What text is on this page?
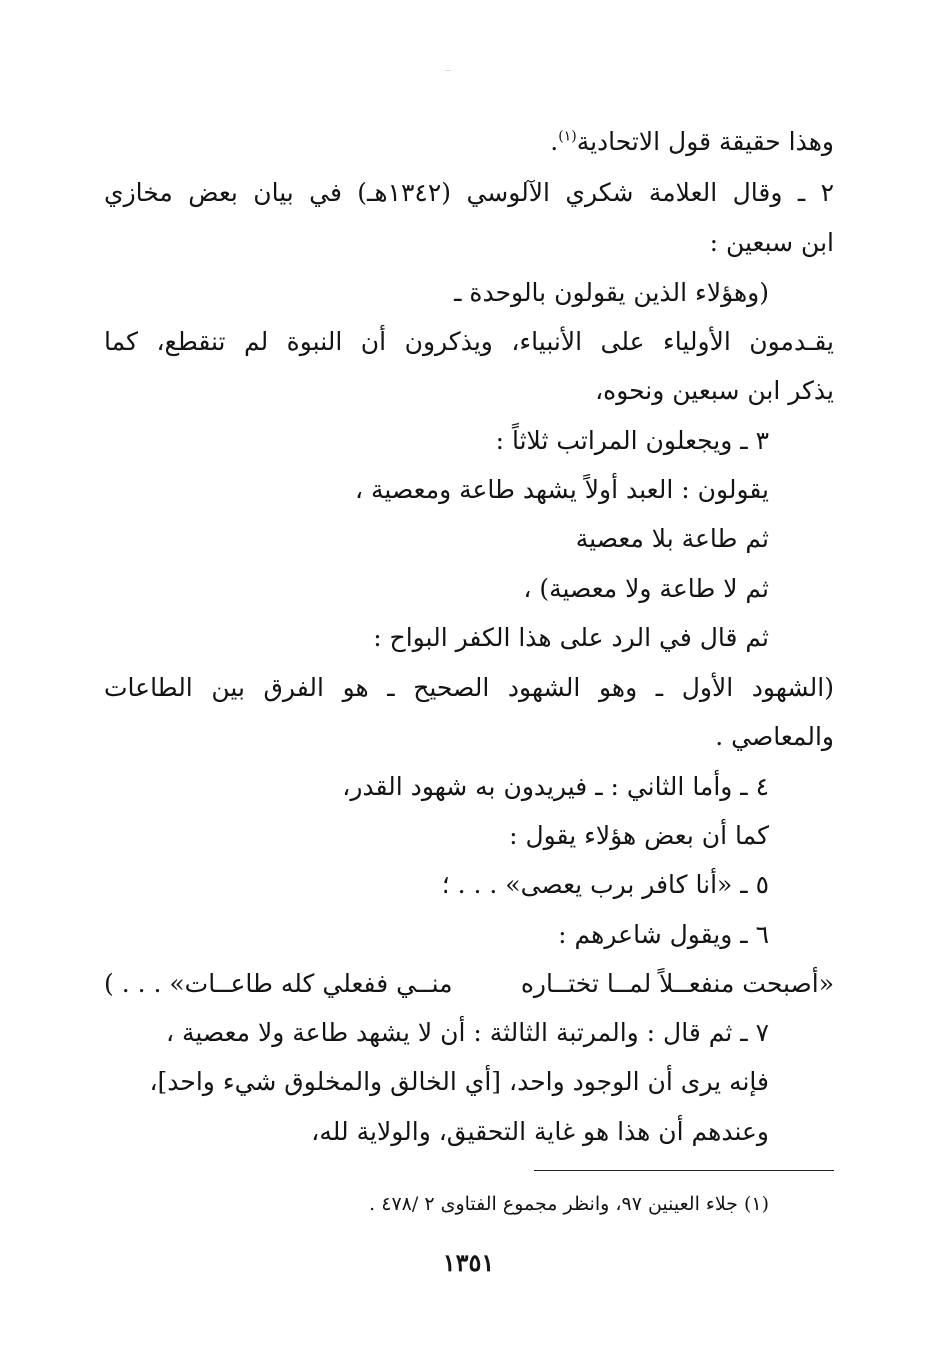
وهذا حقيقة قول الاتحادية$^{(١)}$.
٢ ـ وقال العلامة شكري الآلوسي (١٣٤٢هـ) في بيان بعض مخازي
ابن سبعين :
(وهؤلاء الذين يقولون بالوحدة ـ
يقـدمون الأولياء على الأنبياء، ويذكرون أن النبوة لم تنقطع، كما
يذكر ابن سبعين ونحوه،
٣ ـ ويجعلون المراتب ثلاثاً :
يقولون : العبد أولاً يشهد طاعة ومعصية ،
ثم طاعة بلا معصية
ثم لا طاعة ولا معصية) ،
ثم قال في الرد على هذا الكفر البواح :
(الشهود الأول ـ وهو الشهود الصحيح ـ هو الفرق بين الطاعات
والمعاصي .
٤ ـ وأما الثاني : ـ فيريدون به شهود القدر،
كما أن بعض هؤلاء يقول :
٥ ـ «أنا كافر برب يعصى» . . . ؛
٦ ـ ويقول شاعرهم :
«أصبحت منفعــلاً لمــا تختــاره
منــي ففعلي كله طاعــات» . . . )
٧ ـ ثم قال : والمرتبة الثالثة : أن لا يشهد طاعة ولا معصية ،
فإنه يرى أن الوجود واحد، [أي الخالق والمخلوق شيء واحد]،
وعندهم أن هذا هو غاية التحقيق، والولاية لله،
(١) جلاء العينين ٩٧، وانظر مجموع الفتاوى ٢ /٤٧٨ .
١٣٥١
